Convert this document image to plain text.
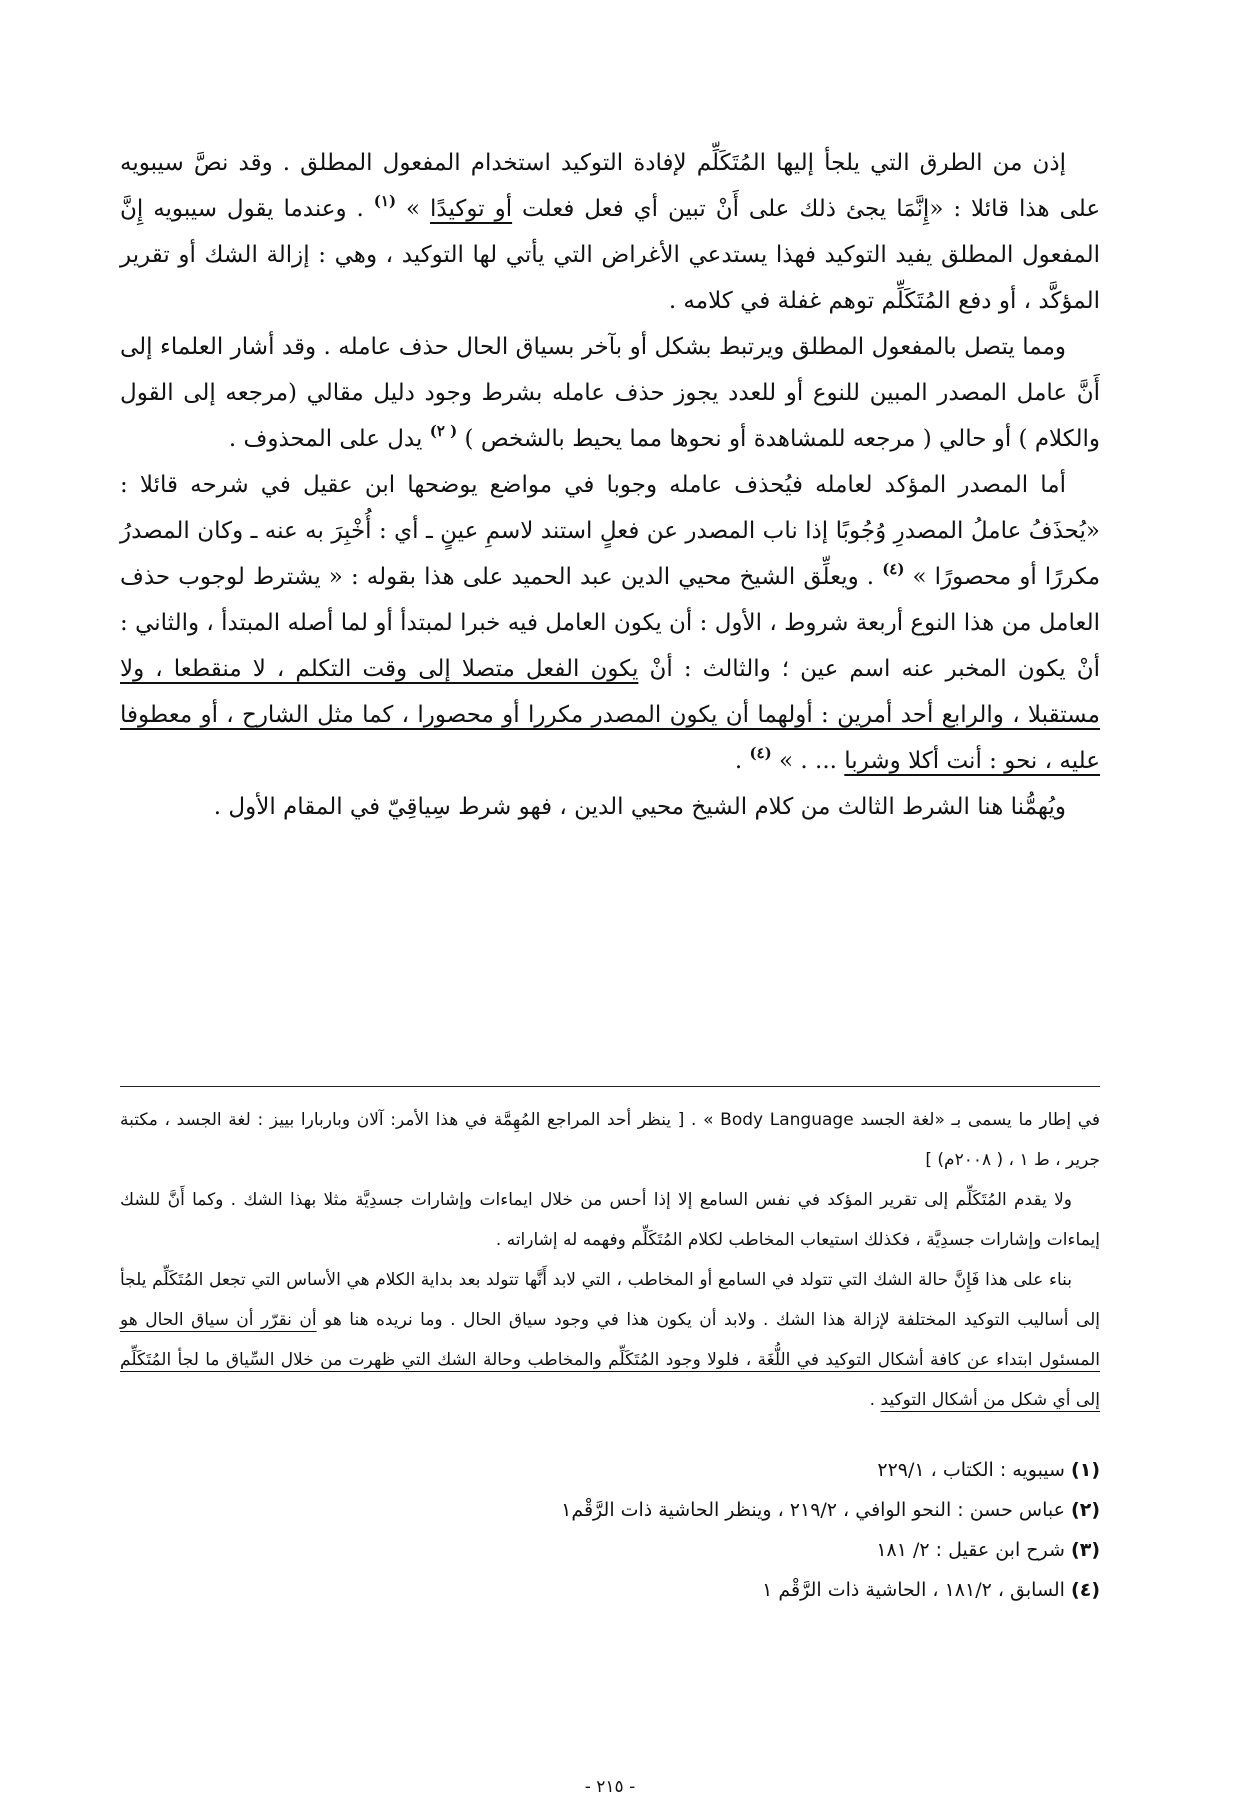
إذن من الطرق التي يلجأ إليها المُتَكَلِّم لإفادة التوكيد استخدام المفعول المطلق . وقد نصَّ سيبويه على هذا قائلا : «إِنَّمَا يجئ ذلك على أَنْ تبين أي فعل فعلت أو توكيدًا » $^{(١)}$ . وعندما يقول سيبويه إِنَّ المفعول المطلق يفيد التوكيد فهذا يستدعي الأغراض التي يأتي لها التوكيد ، وهي : إزالة الشك أو تقرير المؤكَّد ، أو دفع المُتَكَلِّم توهم غفلة في كلامه .

ومما يتصل بالمفعول المطلق ويرتبط بشكل أو بآخر بسياق الحال حذف عامله . وقد أشار العلماء إلى أَنَّ عامل المصدر المبين للنوع أو للعدد يجوز حذف عامله بشرط وجود دليل مقالي (مرجعه إلى القول والكلام ) أو حالي ( مرجعه للمشاهدة أو نحوها مما يحيط بالشخص ) $^{( ٢)}$ يدل على المحذوف .

أما المصدر المؤكد لعامله فيُحذف عامله وجوبا في مواضع يوضحها ابن عقيل في شرحه قائلا : «يُحذَفُ عاملُ المصدرِ وُجُوبًا إذا ناب المصدر عن فعلٍ استند لاسمِ عينٍ ـ أي : أُخْبِرَ به عنه ـ وكان المصدرُ مكررًا أو محصورًا » $^{(٤)}$ . ويعلِّق الشيخ محيي الدين عبد الحميد على هذا بقوله : « يشترط لوجوب حذف العامل من هذا النوع أربعة شروط ، الأول : أن يكون العامل فيه خبرا لمبتدأ أو لما أصله المبتدأ ، والثاني : أنْ يكون المخبر عنه اسم عين ؛ والثالث : أنْ يكون الفعل متصلا إلى وقت التكلم ، لا منقطعا ، ولا مستقبلا ، والرابع أحد أمرين : أولهما أن يكون المصدر مكررا أو محصورا ، كما مثل الشارح ، أو معطوفا عليه ، نحو : أنت أكلا وشربا ... . » $^{(٤)}$ .

ويُهمُّنا هنا الشرط الثالث من كلام الشيخ محيي الدين ، فهو شرط سِياقِيّ في المقام الأول .

في إطار ما يسمى بـ «لغة الجسد Body Language » . [ ينظر أحد المراجع المُهِمَّة في هذا الأمر: آلان وباربارا بييز : لغة الجسد ، مكتبة جرير ، ط ١ ، ( ٢٠٠٨م) ]

ولا يقدم المُتَكَلِّم إلى تقرير المؤكد في نفس السامع إلا إذا أحس من خلال ايماءات وإشارات جسدِيَّة مثلا بهذا الشك . وكما أَنَّ للشك إيماءات وإشارات جسدِيَّة ، فكذلك استيعاب المخاطب لكلام المُتَكَلِّم وفهمه له إشاراته .

بناء على هذا فَإِنَّ حالة الشك التي تتولد في السامع أو المخاطب ، التي لابد أَنَّها تتولد بعد بداية الكلام هي الأساس التي تجعل المُتَكَلِّم يلجأ إلى أساليب التوكيد المختلفة لإزالة هذا الشك . ولابد أن يكون هذا في وجود سياق الحال . وما نريده هنا هو أن نقرّر أن سياق الحال هو المسئول ابتداء عن كافة أشكال التوكيد في اللُّغَة ، فلولا وجود المُتَكَلِّم والمخاطب وحالة الشك التي ظهرت من خلال السِّياق ما لجأ المُتَكَلِّم إلى أي شكل من أشكال التوكيد .

(١) سيبويه : الكتاب ، ٢٢٩/١

(٢) عباس حسن : النحو الوافي ، ٢١٩/٢ ، وينظر الحاشية ذات الرَّقْم١

(٣) شرح ابن عقيل : ٢/ ١٨١

(٤) السابق ، ١٨١/٢ ، الحاشية ذات الرَّقْم ١

- ٢١٥ -
